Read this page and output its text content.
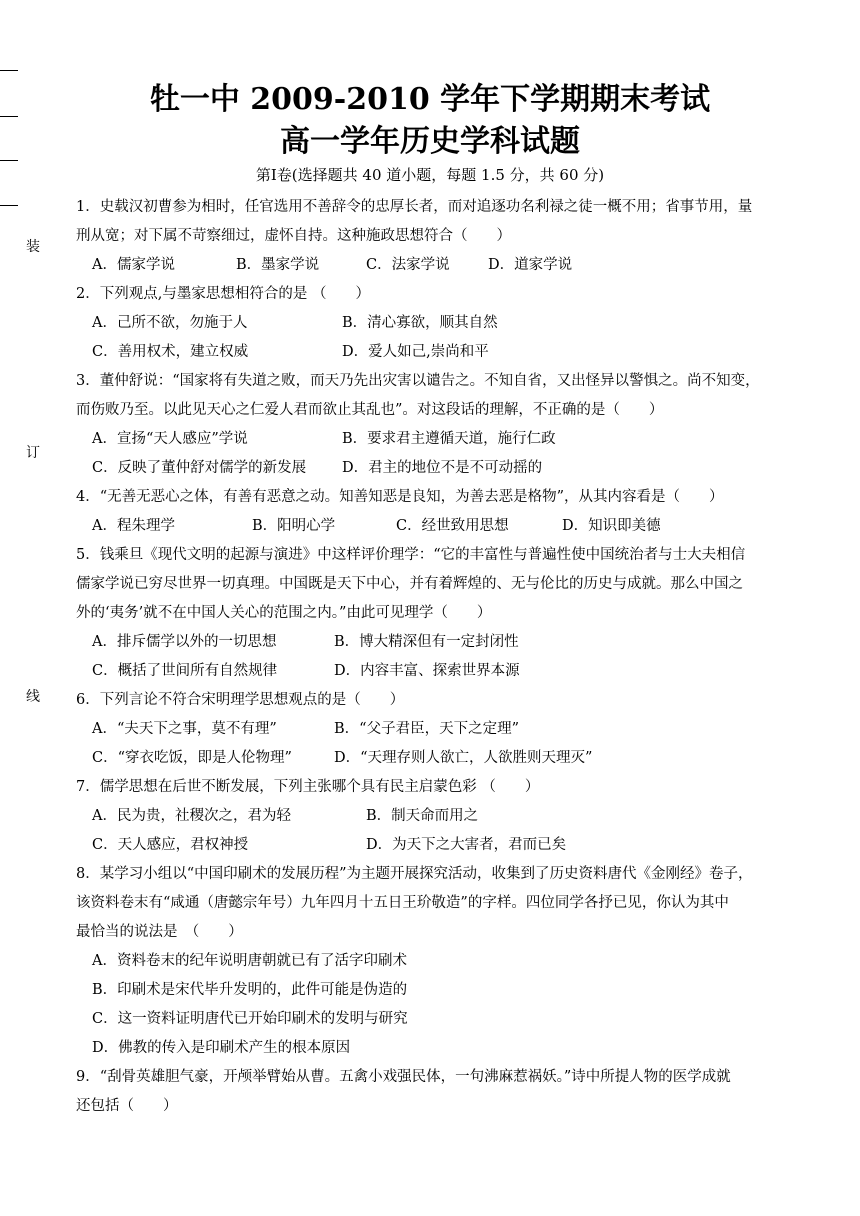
装
订
线
牡一中 2009-2010 学年下学期期末考试
高一学年历史学科试题
第Ⅰ卷(选择题共 40 道小题，每题 1.5 分，共 60 分)
1．史载汉初曹参为相时，任官选用不善辞令的忠厚长者，而对追逐功名利禄之徒一概不用；省事节用，量
刑从宽；对下属不苛察细过，虚怀自持。这种施政思想符合（　　）
A．儒家学说	B．墨家学说	C．法家学说	D．道家学说
2．下列观点,与墨家思想相符合的是 （　　）
A．己所不欲，勿施于人	B．清心寡欲，顺其自然
C．善用权术，建立权威	D．爱人如己,崇尚和平
3．董仲舒说：“国家将有失道之败，而天乃先出灾害以谴告之。不知自省，又出怪异以警惧之。尚不知变，
而伤败乃至。以此见天心之仁爱人君而欲止其乱也”。对这段话的理解，不正确的是（　　）
A．宣扬“天人感应”学说	B．要求君主遵循天道，施行仁政
C．反映了董仲舒对儒学的新发展 D．君主的地位不是不可动摇的
4．“无善无恶心之体，有善有恶意之动。知善知恶是良知，为善去恶是格物”，从其内容看是（　　）
A．程朱理学	B．阳明心学	C．经世致用思想	D．知识即美德
5．钱乘旦《现代文明的起源与演进》中这样评价理学：“它的丰富性与普遍性使中国统治者与士大夫相信
儒家学说已穷尽世界一切真理。中国既是天下中心，并有着辉煌的、无与伦比的历史与成就。那么中国之
外的‘夷务’就不在中国人关心的范围之内。”由此可见理学（　　）
A．排斥儒学以外的一切思想	B．博大精深但有一定封闭性
C．概括了世间所有自然规律	D．内容丰富、探索世界本源
6．下列言论不符合宋明理学思想观点的是（　　）
A．“夫天下之事，莫不有理”	B．“父子君臣，天下之定理”
C．“穿衣吃饭，即是人伦物理”	D．“天理存则人欲亡，人欲胜则天理灭”
7．儒学思想在后世不断发展，下列主张哪个具有民主启蒙色彩 （　　）
A．民为贵，社稷次之，君为轻	B．制天命而用之
C．天人感应，君权神授	D．为天下之大害者，君而已矣
8．某学习小组以“中国印刷术的发展历程”为主题开展探究活动，收集到了历史资料唐代《金刚经》卷子，
该资料卷末有“咸通（唐懿宗年号）九年四月十五日王玠敬造”的字样。四位同学各抒已见，你认为其中
最恰当的说法是　（　　）
A．资料卷末的纪年说明唐朝就已有了活字印刷术
B．印刷术是宋代毕升发明的，此件可能是伪造的
C．这一资料证明唐代已开始印刷术的发明与研究
D．佛教的传入是印刷术产生的根本原因
9．“刮骨英雄胆气豪，开颅举臂始从曹。五禽小戏强民体，一句沸麻惹祸妖。”诗中所提人物的医学成就
还包括（　　）
